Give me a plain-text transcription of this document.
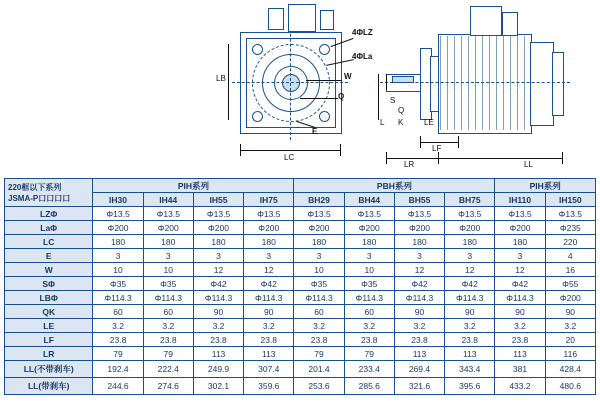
4ΦLZ
4ΦLa
W
E
Q
LB
LC
S
Q
K	LE
L
LF
LR	LL
220框以下系列
JSMA-P口口口口	PIH系列				PBH系列				PIH系列	
	IH30	IH44	IH55	IH75	BH29	BH44	BH55	BH75	IH110	IH150
LZΦ	Φ13.5	Φ13.5	Φ13.5	Φ13.5	Φ13.5	Φ13.5	Φ13.5	Φ13.5	Φ13.5	Φ13.5
LaΦ	Φ200	Φ200	Φ200	Φ200	Φ200	Φ200	Φ200	Φ200	Φ200	Φ235
LC	180	180	180	180	180	180	180	180	180	220
E	3	3	3	3	3	3	3	3	3	4
W	10	10	12	12	10	10	12	12	12	16
SΦ	Φ35	Φ35	Φ42	Φ42	Φ35	Φ35	Φ42	Φ42	Φ42	Φ55
LBΦ	Φ114.3	Φ114.3	Φ114.3	Φ114.3	Φ114.3	Φ114.3	Φ114.3	Φ114.3	Φ114.3	Φ200
QK	60	60	90	90	60	60	90	90	90	90
LE	3.2	3.2	3.2	3.2	3.2	3.2	3.2	3.2	3.2	3.2
LF	23.8	23.8	23.8	23.8	23.8	23.8	23.8	23.8	23.8	20
LR	79	79	113	113	79	79	113	113	113	116
LL(不带刹车)	192.4	222.4	249.9	307.4	201.4	233.4	269.4	343.4	381	428.4
LL(带刹车)	244.6	274.6	302.1	359.6	253.6	285.6	321.6	395.6	433.2	480.6
